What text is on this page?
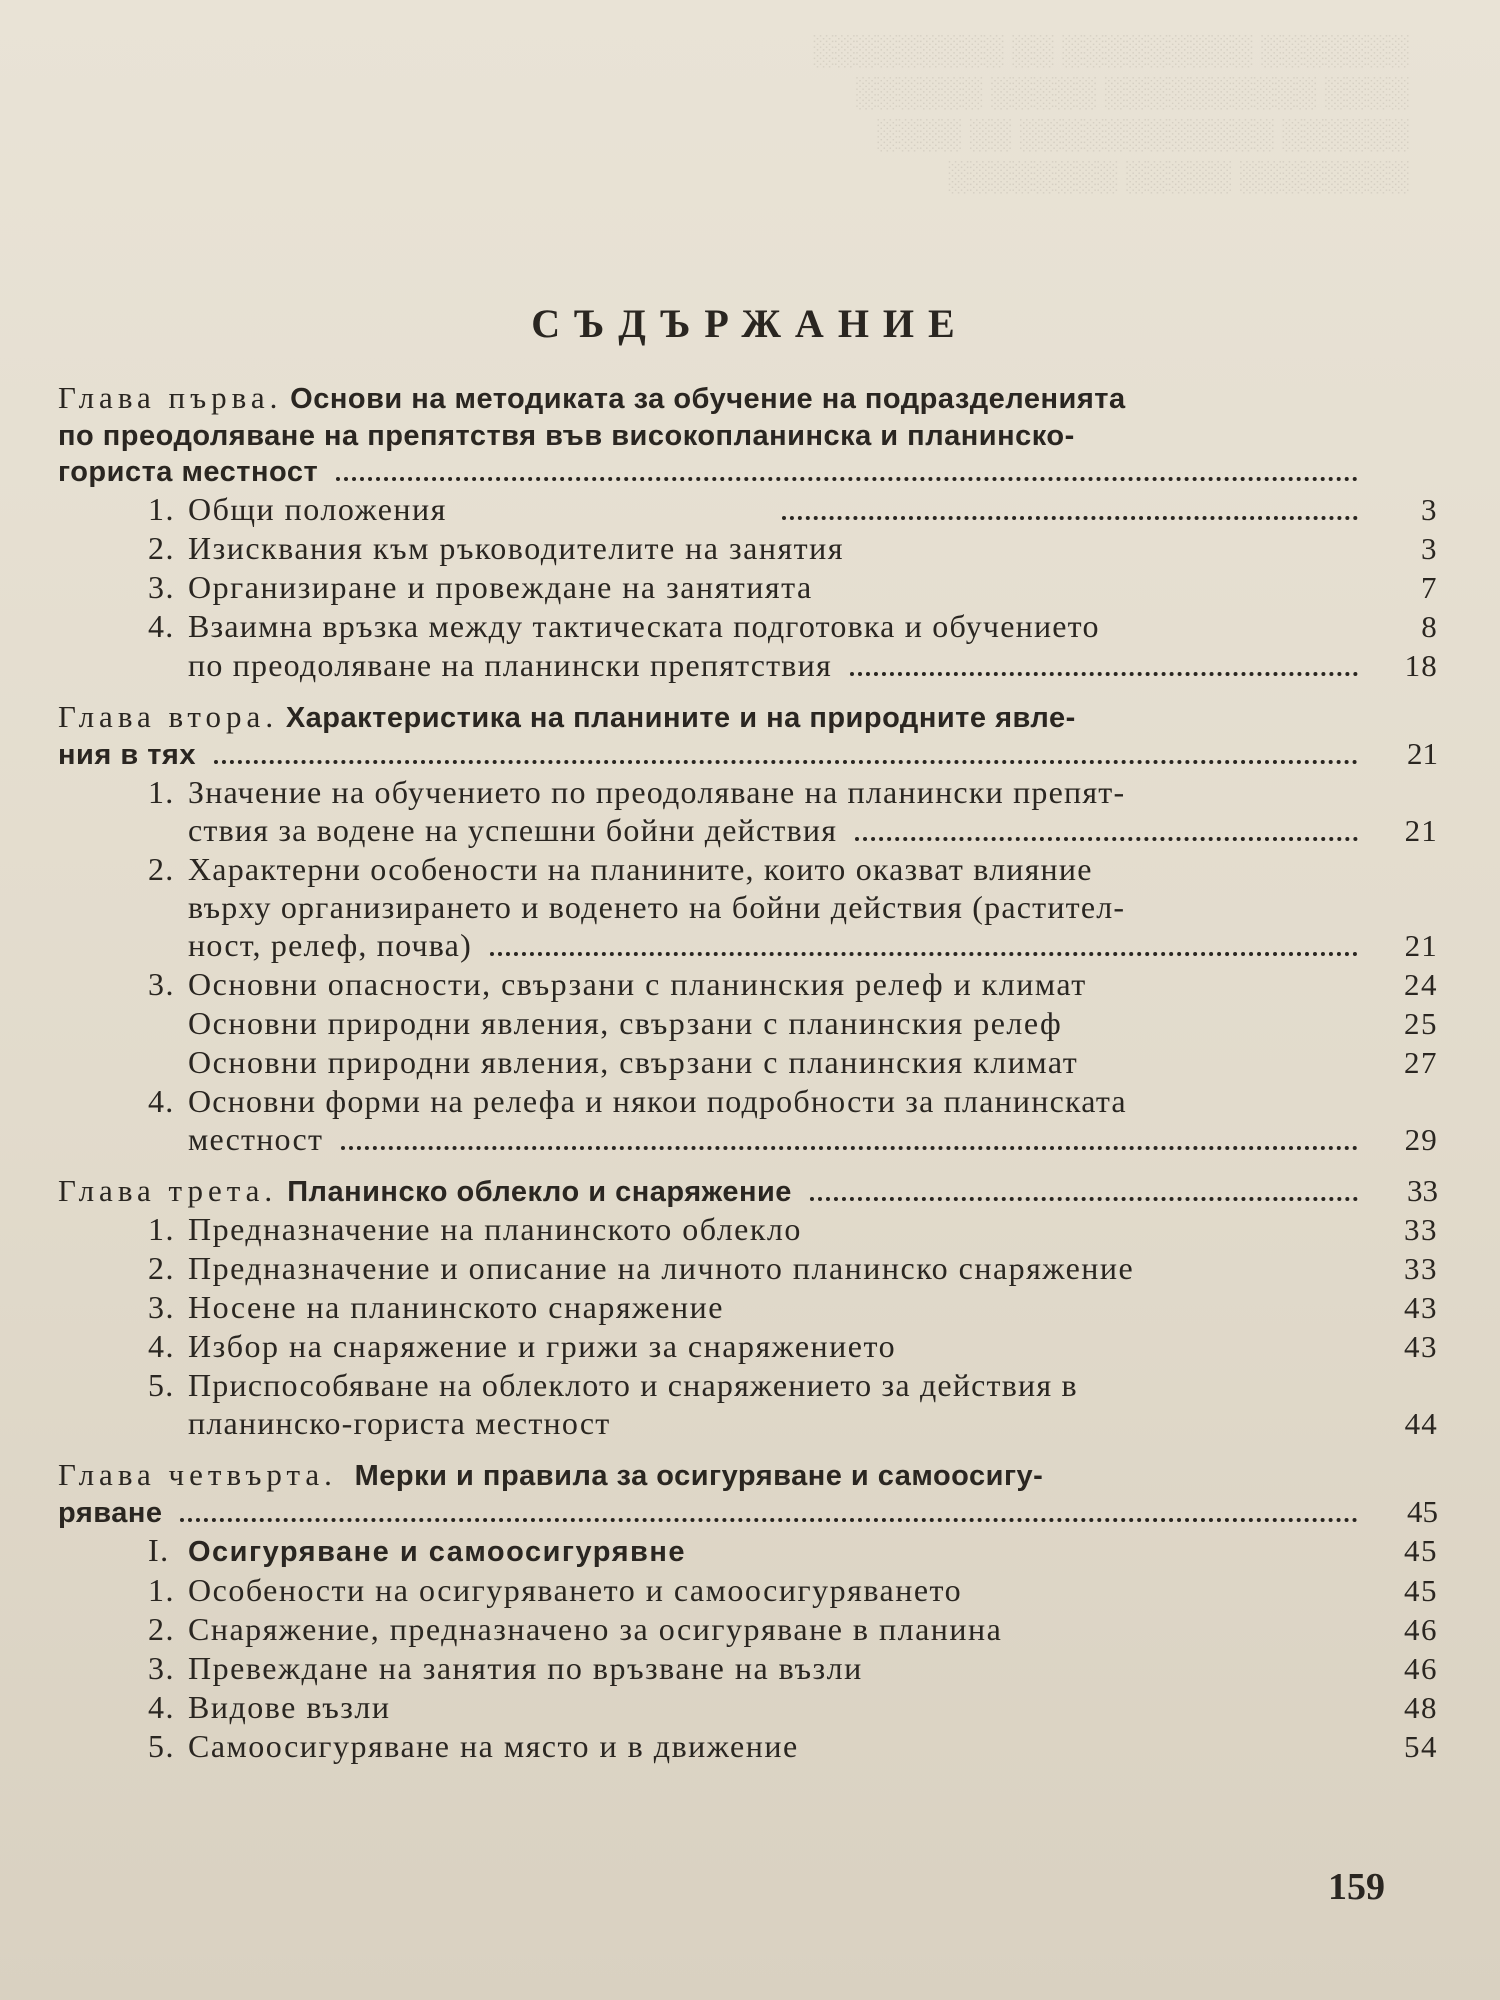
░░░░░░░ ░░░░░░░░░ ░░ ░░░░░░░░░
░░░░ ░░░░░░░░░░ ░░░░░ ░░░░░░
░░░░░░ ░░░░░░░░░░░░ ░░ ░░░░
░░░░░░░░ ░░░░░ ░░░░░░░░
СЪДЪРЖАНИЕ
Глава първа. Основи на методиката за обучение на подразделенията
по преодоляване на препятствя във високопланинска и планинско-
гориста местност
1. Общи положения	3
2. Изисквания към ръководителите на занятия	3
3. Организиране и провеждане на занятията	7
4. Взаимна връзка между тактическата подготовка и обучението	8
по преодоляване на планински препятствия	18
Глава втора. Характеристика на планините и на природните явле-
ния в тях	21
1. Значение на обучението по преодоляване на планински препят-
ствия за водене на успешни бойни действия	21
2. Характерни особености на планините, които оказват влияние
върху организирането и воденето на бойни действия (растител-
ност, релеф, почва)	21
3. Основни опасности, свързани с планинския релеф и климат	24
Основни природни явления, свързани с планинския релеф	25
Основни природни явления, свързани с планинския климат	27
4. Основни форми на релефа и някои подробности за планинската
местност	29
Глава трета. Планинско облекло и снаряжение	33
1. Предназначение на планинското облекло	33
2. Предназначение и описание на личното планинско снаряжение	33
3. Носене на планинското снаряжение	43
4. Избор на снаряжение и грижи за снаряжението	43
5. Приспособяване на облеклото и снаряжението за действия в
планинско-гориста местност	44
Глава четвърта. Мерки и правила за осигуряване и самоосигу-
ряване	45
I. Осигуряване и самоосигурявне	45
1. Особености на осигуряването и самоосигуряването	45
2. Снаряжение, предназначено за осигуряване в планина	46
3. Превеждане на занятия по връзване на възли	46
4. Видове възли	48
5. Самоосигуряване на място и в движение	54
159
